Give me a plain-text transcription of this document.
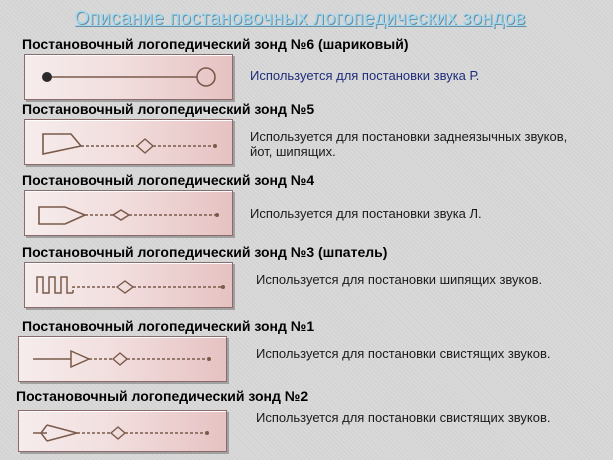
Описание постановочных логопедических зондов
Постановочный логопедический зонд №6 (шариковый)
Используется для постановки звука Р.
Постановочный логопедический зонд №5
Используется для постановки заднеязычных звуков, йот, шипящих.
Постановочный логопедический зонд №4
Используется для постановки звука Л.
Постановочный логопедический зонд №3 (шпатель)
Используется для постановки шипящих звуков.
Постановочный логопедический зонд №1
Используется для постановки свистящих звуков.
Постановочный логопедический зонд №2
Используется для постановки свистящих звуков.
